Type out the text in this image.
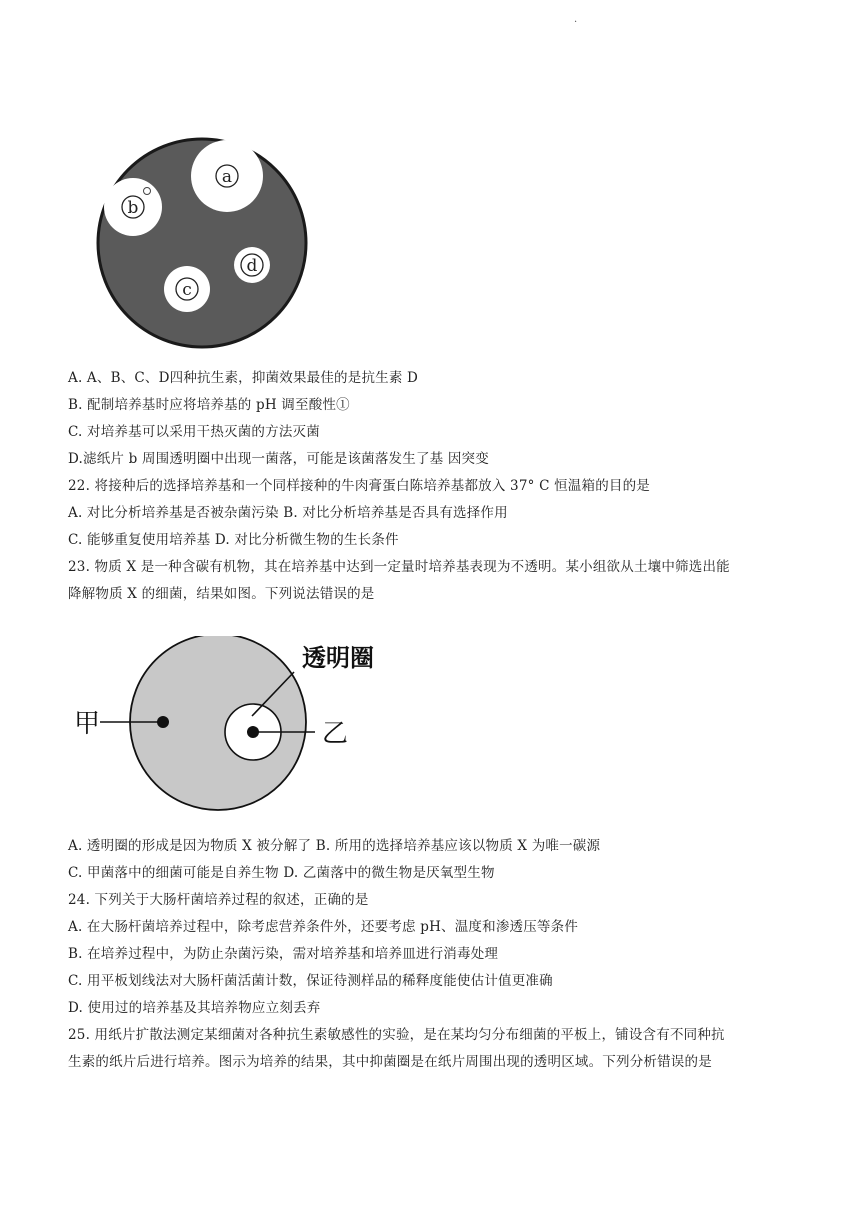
.
a
b
d
c
A. A、B、C、D四种抗生素，抑菌效果最佳的是抗生素 D
B. 配制培养基时应将培养基的 pH 调至酸性①
C. 对培养基可以采用干热灭菌的方法灭菌
D.滤纸片 b 周围透明圈中出现一菌落，可能是该菌落发生了基 因突变
22. 将接种后的选择培养基和一个同样接种的牛肉膏蛋白陈培养基都放入 37° C 恒温箱的目的是
A. 对比分析培养基是否被杂菌污染 B. 对比分析培养基是否具有选择作用
C. 能够重复使用培养基 D. 对比分析微生物的生长条件
23. 物质 X 是一种含碳有机物，其在培养基中达到一定量时培养基表现为不透明。某小组欲从土壤中筛选出能
降解物质 X 的细菌，结果如图。下列说法错误的是
甲	乙
透明圈
A. 透明圈的形成是因为物质 X 被分解了 B. 所用的选择培养基应该以物质 X 为唯一碳源
C. 甲菌落中的细菌可能是自养生物 D. 乙菌落中的微生物是厌氧型生物
24. 下列关于大肠杆菌培养过程的叙述，正确的是
A. 在大肠杆菌培养过程中，除考虑营养条件外，还要考虑 pH、温度和渗透压等条件
B. 在培养过程中，为防止杂菌污染，需对培养基和培养皿进行消毒处理
C. 用平板划线法对大肠杆菌活菌计数，保证待测样品的稀释度能使估计值更准确
D. 使用过的培养基及其培养物应立刻丢弃
25. 用纸片扩散法测定某细菌对各种抗生素敏感性的实验，是在某均匀分布细菌的平板上，铺设含有不同种抗
生素的纸片后进行培养。图示为培养的结果，其中抑菌圈是在纸片周围出现的透明区域。下列分析错误的是
